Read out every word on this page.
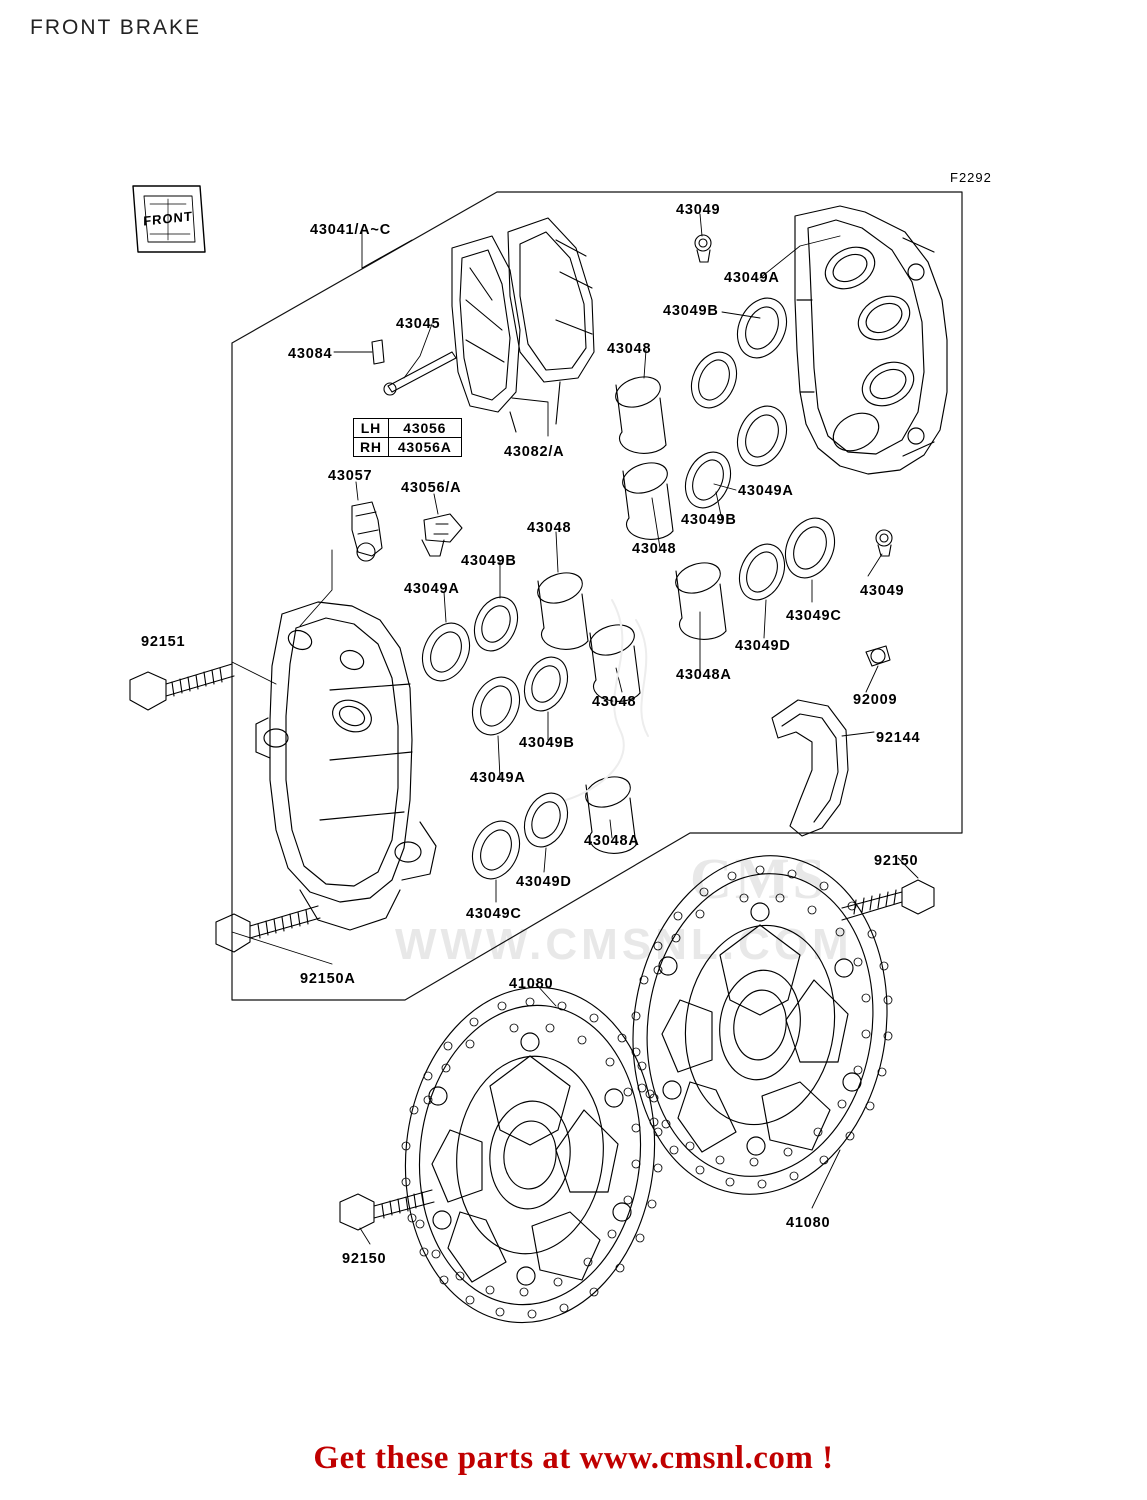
FRONT BRAKE
F2292
CMS
WWW.CMSNL.COM
FRONT
LH	43056
RH	43056A
43041/A~C
43049
43049A
43049B
43045
43084	43048
43082/A
43057
43056/A	43049A
43049B
43048
43048
43049B
43049
43049A
43049C
43049D
92151
43048A
43048	92009
92144
43049B
43049A
43048A
43049D
92150
43049C
41080
92150A
41080
92150
Get these parts at www.cmsnl.com !
